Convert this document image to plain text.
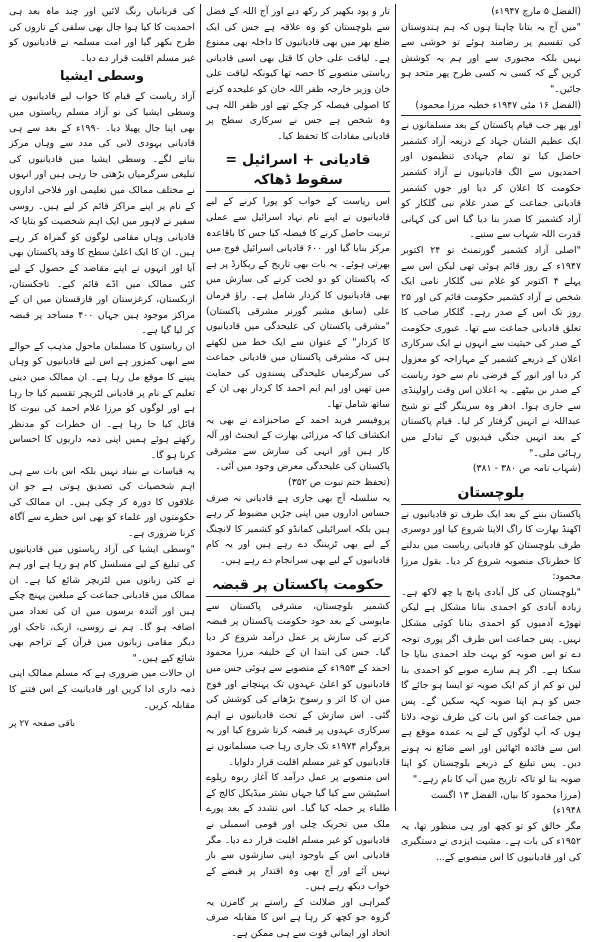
(الفضل ۵ مارچ ۱۹۴۷ء)

"میں آج یہ بتانا چاہتا ہوں کہ ہم ہندوستان کی تقسیم پر رضامند ہوئے تو خوشی سے نہیں بلکہ مجبوری سے اور ہم یہ کوشش کریں گے کہ کسی نہ کسی طرح پھر متحد ہو جائیں۔"

(الفضل ۱۶ مئی ۱۹۴۷ء خطبہ مرزا محمود)

اور پھر جب قیام پاکستان کے بعد مسلمانوں نے ایک عظیم الشان جہاد کے ذریعہ آزاد کشمیر حاصل کیا تو تمام جہادی تنظیموں اور احمدیوں سے الگ قادیانیوں نے آزاد کشمیر حکومت کا اعلان کر دیا اور جوں کشمیر قادیانی جماعت کے صدر غلام نبی گلکار کو آزاد کشمیر کا صدر بنا دیا گیا اس کی کہانی قدرت اللہ شہاب سے سنیے۔

"اصلی آزاد کشمیر گورنمنٹ تو ۲۴ اکتوبر ۱۹۴۷ء کے روز قائم ہوئی تھی لیکن اس سے پہلے ۴ اکتوبر کو غلام نبی گلکار نامی ایک شخص نے آزاد کشمیر حکومت قائم کی اور ۲۵ روز تک اس کے صدر رہے۔ گلکار صاحب کا تعلق قادیانی جماعت سے تھا۔ عبوری حکومت کے صدر کی حیثیت سے انہوں نے ایک سرکاری اعلان کے ذریعے کشمیر کے مہاراجہ کو معزول کر دیا اور انور کے فرضی نام سے خود ریاست کے صدر بن بیٹھے۔ یہ اعلان اس وقت راولپنڈی سے جاری ہوا۔ ادھر وہ سرینگر گئے تو شیخ عبداللہ نے انہیں گرفتار کر لیا۔ قیام پاکستان کے بعد انہیں جنگی قیدیوں کے تبادلے میں رہائی ملی۔"

(شہاب نامہ ص ۳۸۰ - ۳۸۱)

بلوچستان

پاکستان بننے کے بعد ایک طرف تو قادیانیوں نے اکھنڈ بھارت کا راگ الاپنا شروع کیا اور دوسری طرف بلوچستان کو قادیانی ریاست میں بدلنے کا خطرناک منصوبہ شروع کر دیا۔ بقول مرزا محمود:

"بلوچستان کی کل آبادی پانچ یا چھ لاکھ ہے۔ زیادہ آبادی کو احمدی بنانا مشکل ہے لیکن تھوڑے آدمیوں کو احمدی بنانا کوئی مشکل نہیں۔ پس جماعت اس طرف اگر پوری توجہ دے تو اس صوبہ کو بہت جلد احمدی بنایا جا سکتا ہے۔ اگر ہم سارے صوبے کو احمدی بنا لیں تو کم از کم ایک صوبہ تو ایسا ہو جائے گا جس کو ہم اپنا صوبہ کہہ سکیں گے۔ پس میں جماعت کو اس بات کی طرف توجہ دلاتا ہوں کہ آپ لوگوں کے لیے یہ عمدہ موقع ہے اس سے فائدہ اٹھائیں اور اسے ضائع نہ ہونے دیں۔ پس تبلیغ کے ذریعے بلوچستان کو اپنا صوبہ بنا لو تاکہ تاریخ میں آپ کا نام رہے۔"

(مرزا محمود کا بیان، الفضل ۱۳ اگست ۱۹۴۸ء)

مگر خالق کو تو کچھ اور ہی منظور تھا، یہ ۱۹۵۲ء کی بات ہے۔ مشیت ایزدی نے دستگیری کی اور قادیانیوں کا اس منصوبے کے...

تار و پود بکھیر کر رکھ دیے اور آج اللہ کے فضل سے بلوچستان کو وہ علاقہ ہے جس کی ایک ضلع بھر میں بھی قادیانیوں کا داخلہ بھی ممنوع ہے۔ لیاقت علی خان کا قتل بھی اسی قادیانی ریاستی منصوبے کا حصہ تھا کیونکہ لیاقت علی خان وزیر خارجہ ظفر اللہ خان کو علیحدہ کرنے کا اصولی فیصلہ کر چکے تھے اور ظفر اللہ ہی وہ شخص ہے جس نے سرکاری سطح پر قادیانی مفادات کا تحفظ کیا۔

قادیانی + اسرائیل = سقوط ڈھاکہ

اس ریاست کے خواب کو پورا کرنے کے لیے قادیانیوں نے اپنے نام نہاد اسرائیل سے عملی تربیت حاصل کرنے کا فیصلہ کیا جس کا باقاعدہ مرکز بنایا گیا اور ۶۰۰ قادیانی اسرائیل فوج میں بھرتی ہوئے۔ یہ بات بھی تاریخ کے ریکارڈ پر ہے کہ پاکستان کو دو لخت کرنے کی سازش میں بھی قادیانیوں کا کردار شامل ہے۔ راؤ فرمان علی (سابق مشیر گورنر مشرقی پاکستان) "مشرقی پاکستان کی علیحدگی میں قادیانیوں کا کردار" کے عنوان سے ایک خط میں لکھتے ہیں کہ مشرقی پاکستان میں قادیانی جماعت کی سرگرمیاں علیحدگی پسندوں کی حمایت میں تھیں اور ایم ایم احمد کا کردار بھی ان کے ساتھ شامل تھا۔

پروفیسر فرید احمد کے صاحبزادے نے بھی یہ انکشاف کیا کہ مرزائی بھارت کے ایجنٹ اور آلہ کار ہیں اور انہی کی سازش سے مشرقی پاکستان کی علیحدگی معرض وجود میں آئی۔

(تحفظ ختم نبوت ص ۳۵۲)

یہ سلسلہ آج بھی جاری ہے قادیانی نہ صرف حساس اداروں میں اپنی جڑیں مضبوط کر رہے ہیں بلکہ اسرائیلی کمانڈو کو کشمیر کا لانچنگ کے لیے بھی ٹریننگ دے رہے ہیں اور یہ کام قادیانیوں کے لیے بھی سرانجام دے رہے ہیں۔

حکومت پاکستان پر قبضہ

کشمیر بلوچستان، مشرقی پاکستان سے مایوسی کے بعد خود حکومت پاکستان پر قبضہ کرنے کی سازش پر عمل درآمد شروع کر دیا گیا۔ جس کی ابتدا ان کے خلیفہ مرزا محمود احمد کے ۱۹۵۳ء کے منصوبے سے ہوئی جس میں قادیانیوں کو اعلیٰ عہدوں تک پہنچانے اور فوج میں ان کا اثر و رسوخ بڑھانے کی کوشش کی گئی۔ اس سازش کے تحت قادیانیوں نے اہم سرکاری عہدوں پر قبضہ کرنا شروع کیا اور یہ پروگرام ۱۹۷۴ء تک جاری رہا جب مسلمانوں نے قادیانیوں کو غیر مسلم اقلیت قرار دلوایا۔

اس منصوبے پر عمل درآمد کا آغاز ربوہ ریلوے اسٹیشن سے کیا گیا جہاں نشتر میڈیکل کالج کے طلباء پر حملہ کیا گیا۔ اس تشدد کے بعد پورے ملک میں تحریک چلی اور قومی اسمبلی نے قادیانیوں کو غیر مسلم اقلیت قرار دے دیا۔ مگر قادیانی اس کے باوجود اپنی سازشوں سے باز نہیں آئے اور آج بھی وہ اقتدار پر قبضے کے خواب دیکھ رہے ہیں۔

گمراہی اور ضلالت کے راستے پر گامزن یہ گروہ جو کچھ کر رہا ہے اس کا مقابلہ صرف اتحاد اور ایمانی قوت سے ہی ممکن ہے۔

کی قربانیاں رنگ لائیں اور چند ماہ بعد ہی احمدیت کا کیا ہوا جال بھی سلفی کے تاروں کی طرح بکھر گیا اور امت مسلمہ نے قادیانیوں کو غیر مسلم اقلیت قرار دے دیا۔

وسطی ایشیا

آزاد ریاست کے قیام کا خواب لیے قادیانیوں نے وسطی ایشیا کی نو آزاد مسلم ریاستوں میں بھی اپنا جال پھیلا دیا۔ ۱۹۹۰ء کے بعد سے ہی قادیانی یہودی لابی کی مدد سے وہاں مرکز بنانے لگے۔ وسطی ایشیا میں قادیانیوں کی تبلیغی سرگرمیاں بڑھتی جا رہی ہیں اور انہوں نے مختلف ممالک میں تعلیمی اور فلاحی اداروں کے نام پر اپنے مراکز قائم کر لیے ہیں۔ روسی سفیر نے لاہور میں ایک اہم شخصیت کو بتایا کہ قادیانی وہاں مقامی لوگوں کو گمراہ کر رہے ہیں۔ ان کا ایک اعلیٰ سطح کا وفد پاکستان بھی آیا اور انہوں نے اپنے مقاصد کے حصول کے لیے کئی ممالک میں اڈے قائم کیے۔ تاجکستان، ازبکستان، کرغزستان اور قازقستان میں ان کے مراکز موجود ہیں جہاں ۴۰۰ مساجد پر قبضہ کر لیا گیا ہے۔

ان ریاستوں کا مسلمان ماحول مذہب کے حوالے سے ابھی کمزور ہے اس لیے قادیانیوں کو وہاں پنپنے کا موقع مل رہا ہے۔ ان ممالک میں دینی تعلیم کے نام پر قادیانی لٹریچر تقسیم کیا جا رہا ہے اور لوگوں کو مرزا غلام احمد کی نبوت کا قائل کیا جا رہا ہے۔ ان خطرات کو مدنظر رکھتے ہوئے ہمیں اپنی ذمہ داریوں کا احساس کرنا ہو گا۔

یہ قیاسات بے بنیاد نہیں بلکہ اس بات سے ہی اہم شخصیات کی تصدیق ہوتی ہے جو ان علاقوں کا دورہ کر چکی ہیں۔ ان ممالک کی حکومتوں اور علماء کو بھی اس خطرے سے آگاہ کرنا ضروری ہے۔

"وسطی ایشیا کی آزاد ریاستوں میں قادیانیوں کی تبلیغ کے لیے مسلسل کام ہو رہا ہے اور ہم نے کئی زبانوں میں لٹریچر شائع کیا ہے۔ ان ممالک میں قادیانی جماعت کے مبلغین پہنچ چکے ہیں اور آئندہ برسوں میں ان کی تعداد میں اضافہ ہو گا۔ ہم نے روسی، ازبک، تاجک اور دیگر مقامی زبانوں میں قرآن کے تراجم بھی شائع کیے ہیں۔"

ان حالات میں ضروری ہے کہ مسلم ممالک اپنی ذمہ داری ادا کریں اور قادیانیت کے اس فتنے کا مقابلہ کریں۔

باقی صفحہ ۲۷ پر
